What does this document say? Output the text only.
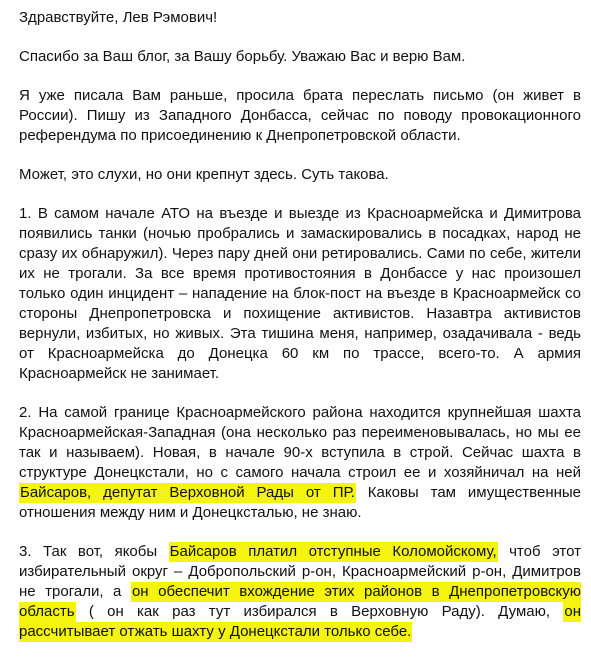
Здравствуйте, Лев Рэмович!

Спасибо за Ваш блог, за Вашу борьбу. Уважаю Вас и верю Вам.

Я уже писала Вам раньше, просила брата переслать письмо (он живет в России). Пишу из Западного Донбасса, сейчас по поводу провокационного референдума по присоединению к Днепропетровской области.

Может, это слухи, но они крепнут здесь. Суть такова.

1. В самом начале АТО на въезде и выезде из Красноармейска и Димитрова появились танки (ночью пробрались и замаскировались в посадках, народ не сразу их обнаружил). Через пару дней они ретировались. Сами по себе, жители их не трогали. За все время противостояния в Донбассе у нас произошел только один инцидент – нападение на блок-пост на въезде в Красноармейск со стороны Днепропетровска и похищение активистов. Назавтра активистов вернули, избитых, но живых. Эта тишина меня, например, озадачивала - ведь от Красноармейска до Донецка 60 км по трассе, всего-то. А армия Красноармейск не занимает.

2. На самой границе Красноармейского района находится крупнейшая шахта Красноармейская-Западная (она несколько раз переименовывалась, но мы ее так и называем). Новая, в начале 90-х вступила в строй. Сейчас шахта в структуре Донецкстали, но с самого начала строил ее и хозяйничал на ней Байсаров, депутат Верховной Рады от ПР. Каковы там имущественные отношения между ним и Донецксталью, не знаю.

3. Так вот, якобы Байсаров платил отступные Коломойскому, чтоб этот избирательный округ – Добропольский р-он, Красноармейский р-он, Димитров не трогали, а он обеспечит вхождение этих районов в Днепропетровскую область ( он как раз тут избирался в Верховную Раду). Думаю, он рассчитывает отжать шахту у Донецкстали только себе.
